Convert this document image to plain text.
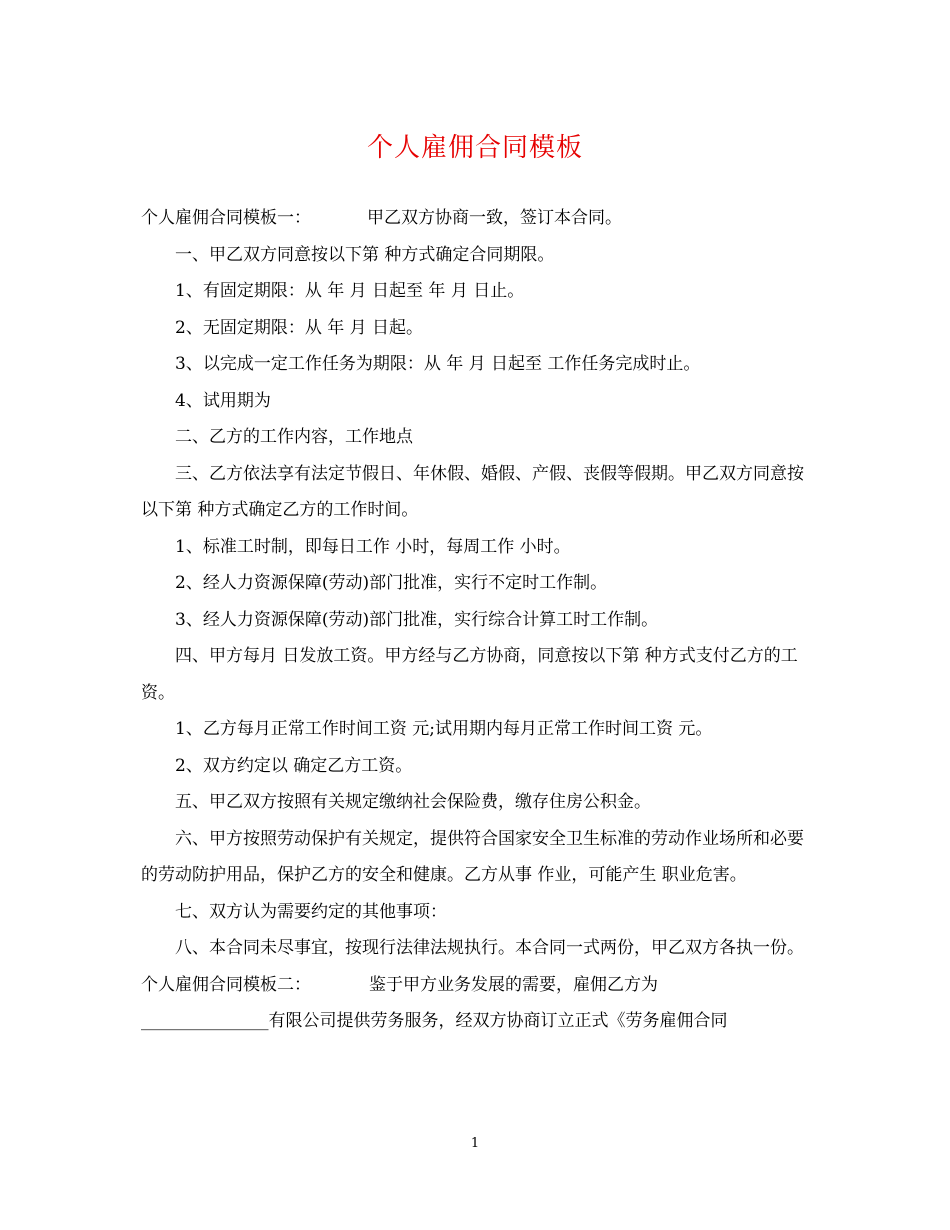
个人雇佣合同模板

个人雇佣合同模板一：	甲乙双方协商一致，签订本合同。

一、甲乙双方同意按以下第 种方式确定合同期限。

1、有固定期限：从 年 月 日起至 年 月 日止。

2、无固定期限：从 年 月 日起。

3、以完成一定工作任务为期限：从 年 月 日起至 工作任务完成时止。

4、试用期为

二、乙方的工作内容，工作地点

三、乙方依法享有法定节假日、年休假、婚假、产假、丧假等假期。甲乙双方同意按以下第 种方式确定乙方的工作时间。

1、标准工时制，即每日工作 小时，每周工作 小时。

2、经人力资源保障(劳动)部门批准，实行不定时工作制。

3、经人力资源保障(劳动)部门批准，实行综合计算工时工作制。

四、甲方每月 日发放工资。甲方经与乙方协商，同意按以下第 种方式支付乙方的工资。

1、乙方每月正常工作时间工资 元;试用期内每月正常工作时间工资 元。

2、双方约定以 确定乙方工资。

五、甲乙双方按照有关规定缴纳社会保险费，缴存住房公积金。

六、甲方按照劳动保护有关规定，提供符合国家安全卫生标准的劳动作业场所和必要的劳动防护用品，保护乙方的安全和健康。乙方从事 作业，可能产生 职业危害。

七、双方认为需要约定的其他事项：

八、本合同未尽事宜，按现行法律法规执行。本合同一式两份，甲乙双方各执一份。

个人雇佣合同模板二：	鉴于甲方业务发展的需要，雇佣乙方为

_______________有限公司提供劳务服务，经双方协商订立正式《劳务雇佣合同

1
